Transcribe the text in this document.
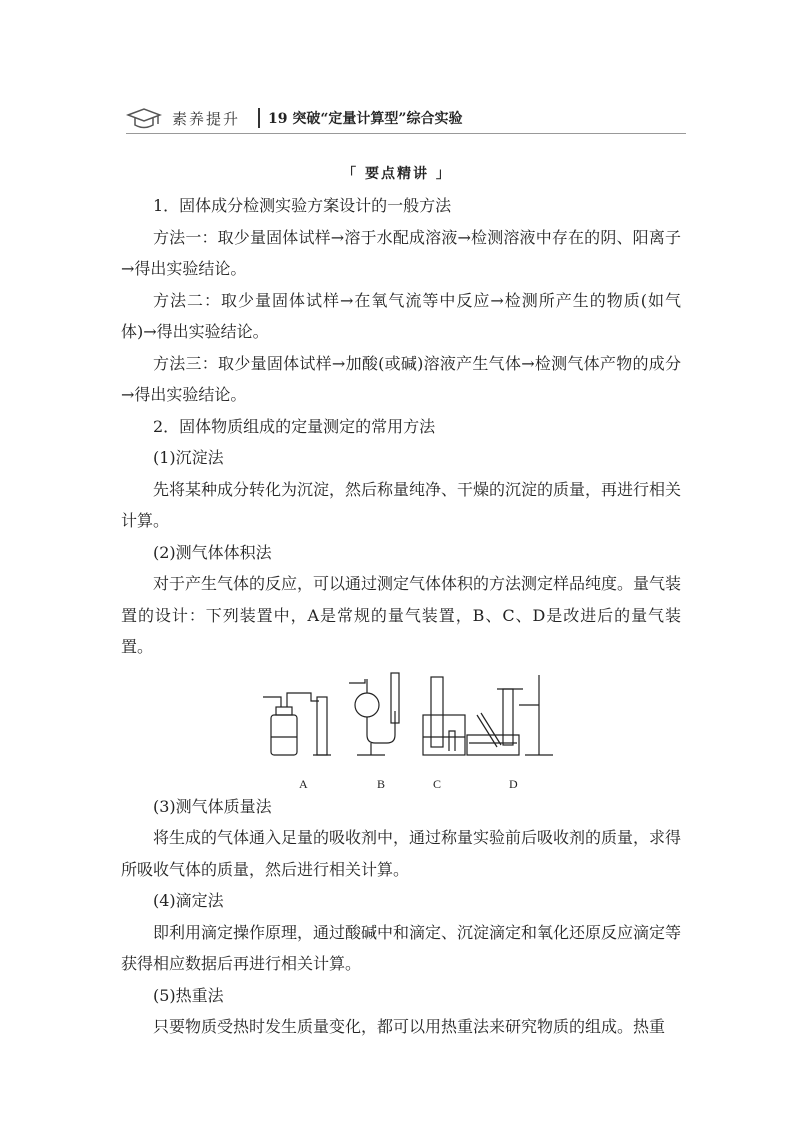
素养提升 19 突破“定量计算型”综合实验
「 要点精讲 」

1．固体成分检测实验方案设计的一般方法

方法一：取少量固体试样→溶于水配成溶液→检测溶液中存在的阴、阳离子→得出实验结论。

方法二：取少量固体试样→在氧气流等中反应→检测所产生的物质(如气体)→得出实验结论。

方法三：取少量固体试样→加酸(或碱)溶液产生气体→检测气体产物的成分→得出实验结论。

2．固体物质组成的定量测定的常用方法

(1)沉淀法

先将某种成分转化为沉淀，然后称量纯净、干燥的沉淀的质量，再进行相关计算。

(2)测气体体积法

对于产生气体的反应，可以通过测定气体体积的方法测定样品纯度。量气装置的设计：下列装置中，A是常规的量气装置，B、C、D是改进后的量气装置。

A	B	C	D

(3)测气体质量法

将生成的气体通入足量的吸收剂中，通过称量实验前后吸收剂的质量，求得所吸收气体的质量，然后进行相关计算。

(4)滴定法

即利用滴定操作原理，通过酸碱中和滴定、沉淀滴定和氧化还原反应滴定等获得相应数据后再进行相关计算。

(5)热重法

只要物质受热时发生质量变化，都可以用热重法来研究物质的组成。热重
